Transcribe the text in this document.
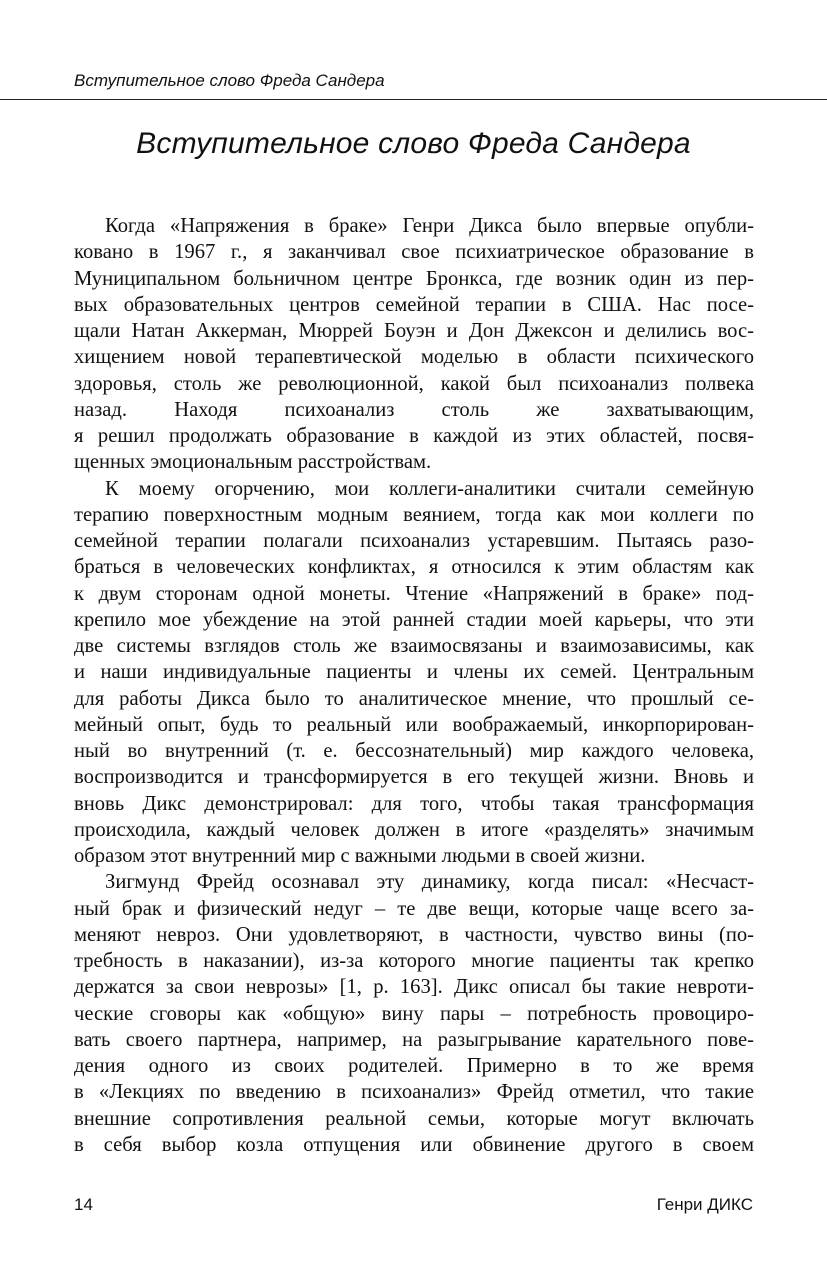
Вступительное слово Фреда Сандера
Вступительное слово Фреда Сандера
Когда «Напряжения в браке» Генри Дикса было впервые опубли-
ковано в 1967 г., я заканчивал свое психиатрическое образование в
Муниципальном больничном центре Бронкса, где возник один из пер-
вых образовательных центров семейной терапии в США. Нас посе-
щали Натан Аккерман, Мюррей Боуэн и Дон Джексон и делились вос-
хищением новой терапевтической моделью в области психического
здоровья, столь же революционной, какой был психоанализ полвека
назад. Находя психоанализ столь же захватывающим,
я решил продолжать образование в каждой из этих областей, посвя-
щенных эмоциональным расстройствам.
К моему огорчению, мои коллеги-аналитики считали семейную
терапию поверхностным модным веянием, тогда как мои коллеги по
семейной терапии полагали психоанализ устаревшим. Пытаясь разо-
браться в человеческих конфликтах, я относился к этим областям как
к двум сторонам одной монеты. Чтение «Напряжений в браке» под-
крепило мое убеждение на этой ранней стадии моей карьеры, что эти
две системы взглядов столь же взаимосвязаны и взаимозависимы, как
и наши индивидуальные пациенты и члены их семей. Центральным
для работы Дикса было то аналитическое мнение, что прошлый се-
мейный опыт, будь то реальный или воображаемый, инкорпорирован-
ный во внутренний (т. е. бессознательный) мир каждого человека,
воспроизводится и трансформируется в его текущей жизни. Вновь и
вновь Дикс демонстрировал: для того, чтобы такая трансформация
происходила, каждый человек должен в итоге «разделять» значимым
образом этот внутренний мир с важными людьми в своей жизни.
Зигмунд Фрейд осознавал эту динамику, когда писал: «Несчаст-
ный брак и физический недуг – те две вещи, которые чаще всего за-
меняют невроз. Они удовлетворяют, в частности, чувство вины (по-
требность в наказании), из-за которого многие пациенты так крепко
держатся за свои неврозы» [1, р. 163]. Дикс описал бы такие невроти-
ческие сговоры как «общую» вину пары – потребность провоциро-
вать своего партнера, например, на разыгрывание карательного пове-
дения одного из своих родителей. Примерно в то же время
в «Лекциях по введению в психоанализ» Фрейд отметил, что такие
внешние сопротивления реальной семьи, которые могут включать
в себя выбор козла отпущения или обвинение другого в своем
14	Генри ДИКС
